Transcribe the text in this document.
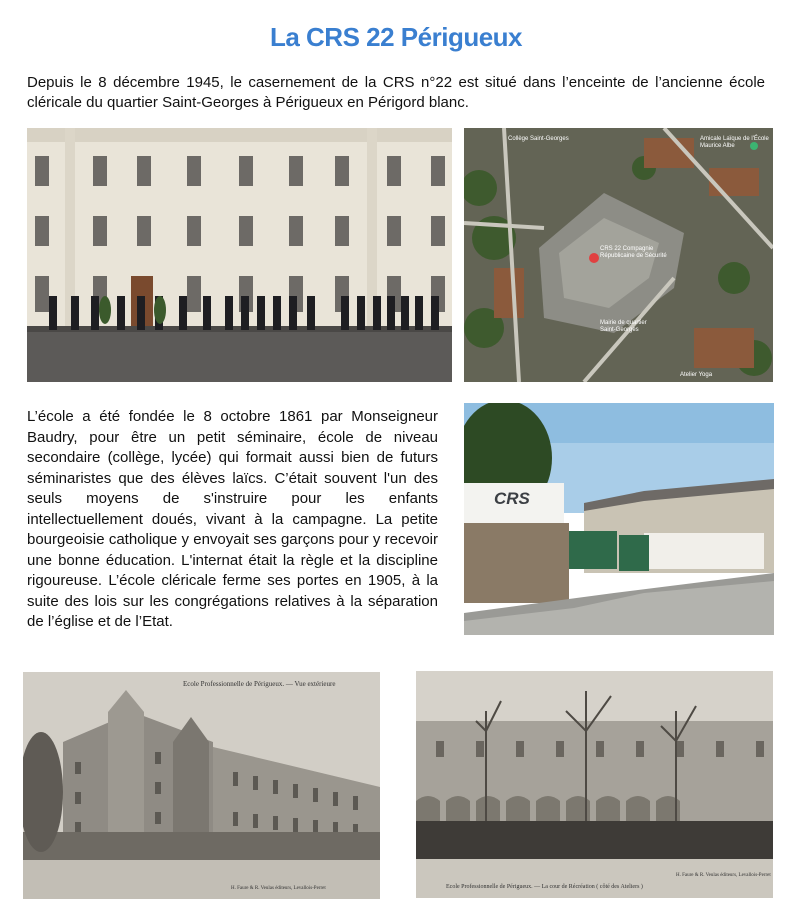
La CRS 22 Périgueux
Depuis le 8 décembre 1945, le casernement de la CRS n°22 est situé dans l’enceinte de l’ancienne école cléricale du quartier Saint-Georges à Périgueux en Périgord blanc.
Collège Saint-Georges	Amicale Laïque de l'École Maurice Albe
CRS 22 Compagnie Républicaine de Sécurité
Mairie de quartier Saint-Georges
Atelier Yoga
L’école a été fondée le 8 octobre 1861 par Monseigneur Baudry, pour être un petit séminaire, école de niveau secondaire (collège, lycée) qui formait aussi bien de futurs séminaristes que des élèves laïcs. C’était souvent l'un des seuls moyens de s'instruire pour les enfants intellectuellement doués, vivant à la campagne. La petite bourgeoisie catholique y envoyait ses garçons pour y recevoir une bonne éducation. L'internat était la règle et la discipline rigoureuse. L’école cléricale ferme ses portes en 1905, à la suite des lois sur les congrégations relatives à la séparation de l’église et de l’Etat.
CRS
Ecole Professionnelle de Périgueux. — Vue extérieure
H. Faure & R. Veulas éditeurs, Levallois-Perret	Ecole Professionnelle de Périgueux. — La cour de Récréation ( côté des Ateliers )
H. Faure & R. Veulas éditeurs, Levallois-Perret
